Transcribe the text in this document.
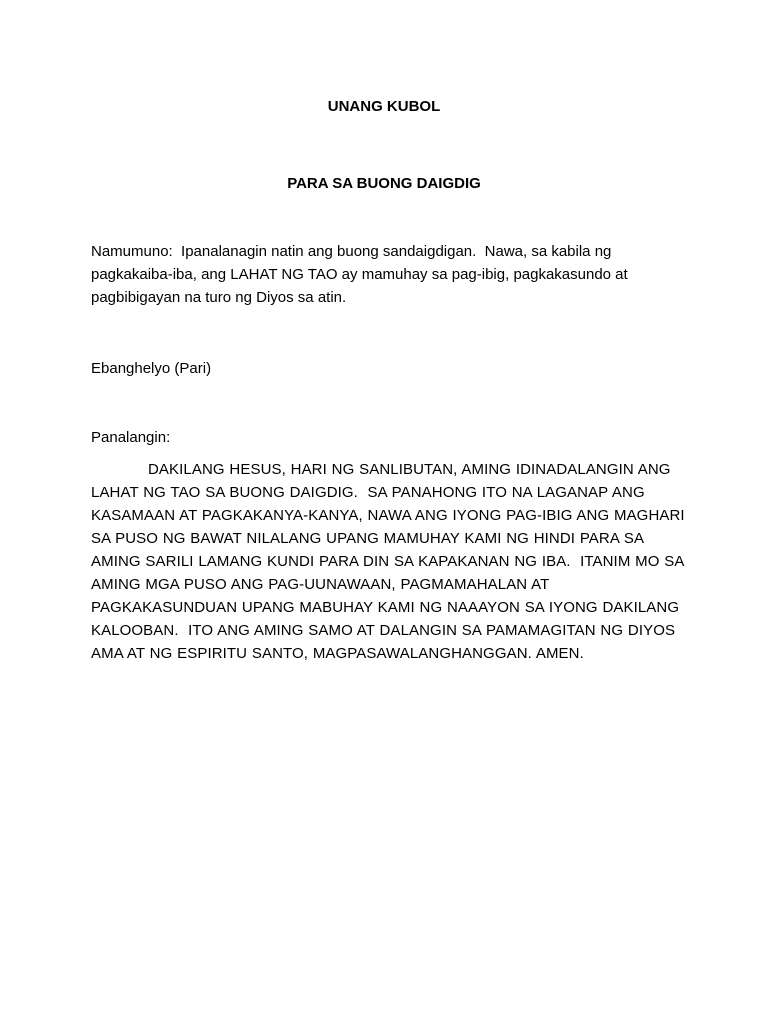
UNANG KUBOL

PARA SA BUONG DAIGDIG

Namumuno: Ipanalanagin natin ang buong sandaigdigan.  Nawa, sa kabila ng pagkakaiba-iba, ang LAHAT NG TAO ay mamuhay sa pag-ibig, pagkakasundo at pagbibigayan na turo ng Diyos sa atin.

Ebanghelyo (Pari)

Panalangin:

DAKILANG HESUS, HARI NG SANLIBUTAN, AMING IDINADALANGIN ANG LAHAT NG TAO SA BUONG DAIGDIG.  SA PANAHONG ITO NA LAGANAP ANG KASAMAAN AT PAGKAKANYA-KANYA, NAWA ANG IYONG PAG-IBIG ANG MAGHARI SA PUSO NG BAWAT NILALANG UPANG MAMUHAY KAMI NG HINDI PARA SA AMING SARILI LAMANG KUNDI PARA DIN SA KAPAKANAN NG IBA.  ITANIM MO SA AMING MGA PUSO ANG PAG-UUNAWAAN, PAGMAMAHALAN AT PAGKAKASUNDUAN UPANG MABUHAY KAMI NG NAAAYON SA IYONG DAKILANG KALOOBAN.  ITO ANG AMING SAMO AT DALANGIN SA PAMAMAGITAN NG DIYOS AMA AT NG ESPIRITU SANTO, MAGPASAWALANGHANGGAN. AMEN.
